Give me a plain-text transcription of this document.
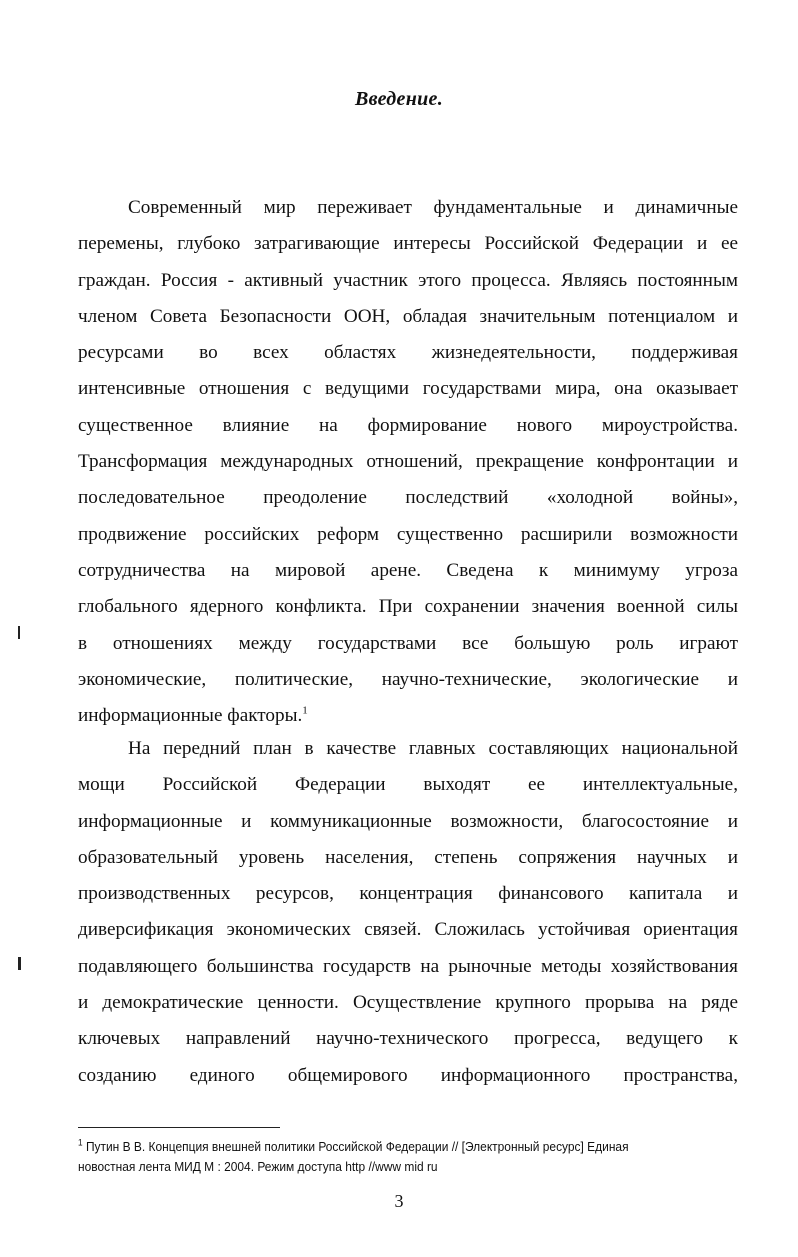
Введение.
Современный мир переживает фундаментальные и динамичные
перемены, глубоко затрагивающие интересы Российской Федерации и ее
граждан. Россия - активный участник этого процесса. Являясь постоянным
членом Совета Безопасности ООН, обладая значительным потенциалом и
ресурсами во всех областях жизнедеятельности, поддерживая
интенсивные отношения с ведущими государствами мира, она оказывает
существенное влияние на формирование нового мироустройства.
Трансформация международных отношений, прекращение конфронтации и
последовательное преодоление последствий «холодной войны»,
продвижение российских реформ существенно расширили возможности
сотрудничества на мировой арене. Сведена к минимуму угроза
глобального ядерного конфликта. При сохранении значения военной силы
в отношениях между государствами все большую роль играют
экономические, политические, научно-технические, экологические и
информационные факторы.$^1$
На передний план в качестве главных составляющих национальной
мощи Российской Федерации выходят ее интеллектуальные,
информационные и коммуникационные возможности, благосостояние и
образовательный уровень населения, степень сопряжения научных и
производственных ресурсов, концентрация финансового капитала и
диверсификация экономических связей. Сложилась устойчивая ориентация
подавляющего большинства государств на рыночные методы хозяйствования
и демократические ценности. Осуществление крупного прорыва на ряде
ключевых направлений научно-технического прогресса, ведущего к
созданию единого общемирового информационного пространства,
$^1$ Путин В В. Концепция внешней политики Российской Федерации // [Электронный ресурс] Единая
новостная лента МИД М : 2004. Режим доступа http //www mid ru
3
